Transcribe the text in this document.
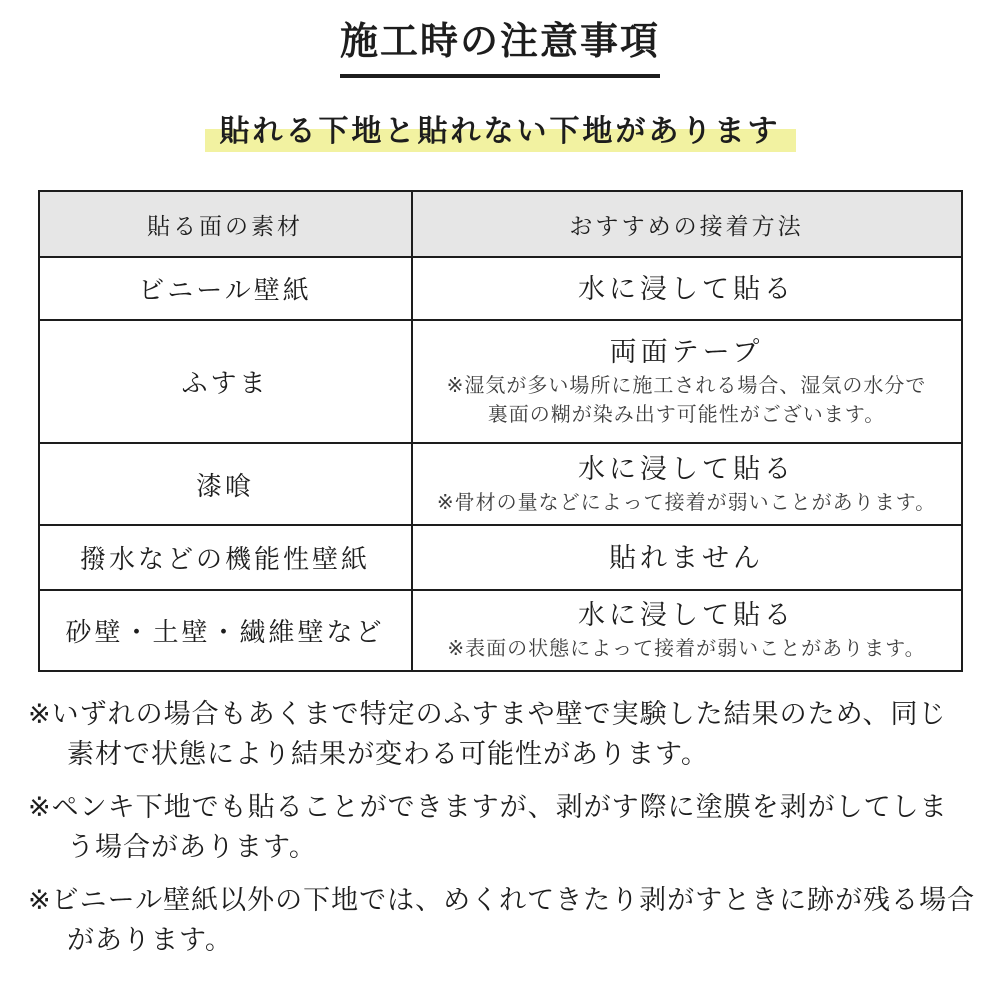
施工時の注意事項
貼れる下地と貼れない下地があります
貼る面の素材	おすすめの接着方法
ビニール壁紙	水に浸して貼る

ふすま	両面テープ
※湿気が多い場所に施工される場合、湿気の水分で
裏面の糊が染み出す可能性がございます。

漆喰	水に浸して貼る
※骨材の量などによって接着が弱いことがあります。

撥水などの機能性壁紙	貼れません

砂壁・土壁・繊維壁など	水に浸して貼る
※表面の状態によって接着が弱いことがあります。
※いずれの場合もあくまで特定のふすまや壁で実験した結果のため、同じ
素材で状態により結果が変わる可能性があります。
※ペンキ下地でも貼ることができますが、剥がす際に塗膜を剥がしてしま
う場合があります。
※ビニール壁紙以外の下地では、めくれてきたり剥がすときに跡が残る場合
があります。
